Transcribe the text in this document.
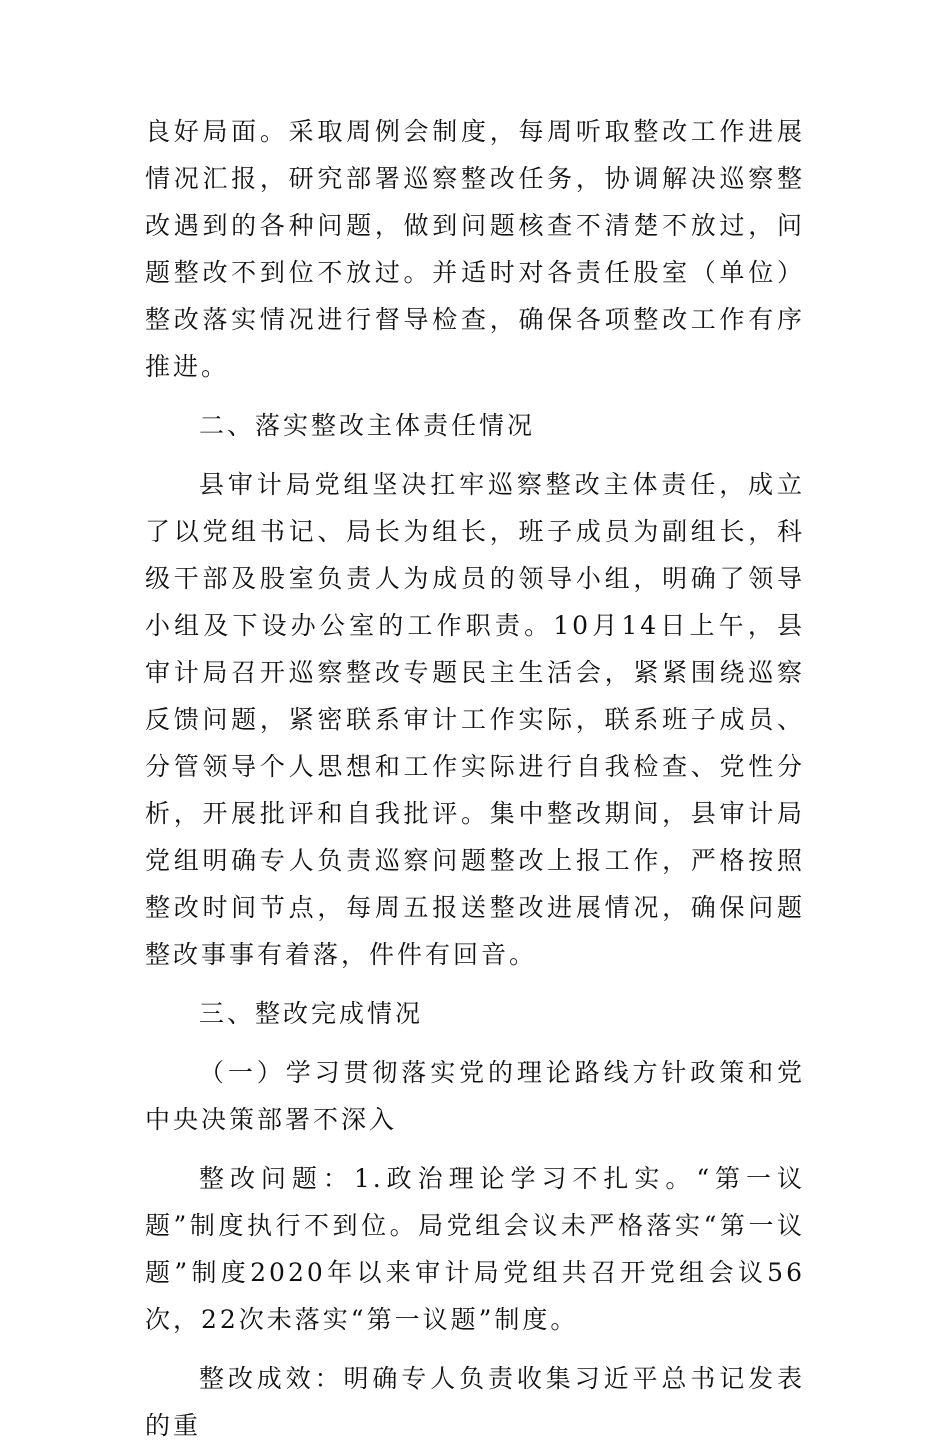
良好局面。采取周例会制度，每周听取整改工作进展情况汇报，研究部署巡察整改任务，协调解决巡察整改遇到的各种问题，做到问题核查不清楚不放过，问题整改不到位不放过。并适时对各责任股室（单位）整改落实情况进行督导检查，确保各项整改工作有序推进。

二、落实整改主体责任情况

县审计局党组坚决扛牢巡察整改主体责任，成立了以党组书记、局长为组长，班子成员为副组长，科级干部及股室负责人为成员的领导小组，明确了领导小组及下设办公室的工作职责。10月14日上午，县审计局召开巡察整改专题民主生活会，紧紧围绕巡察反馈问题，紧密联系审计工作实际，联系班子成员、分管领导个人思想和工作实际进行自我检查、党性分析，开展批评和自我批评。集中整改期间，县审计局党组明确专人负责巡察问题整改上报工作，严格按照整改时间节点，每周五报送整改进展情况，确保问题整改事事有着落，件件有回音。

三、整改完成情况

（一）学习贯彻落实党的理论路线方针政策和党中央决策部署不深入

整改问题：1.政治理论学习不扎实。“第一议题”制度执行不到位。局党组会议未严格落实“第一议题”制度2020年以来审计局党组共召开党组会议56次，22次未落实“第一议题”制度。

整改成效：明确专人负责收集习近平总书记发表的重
